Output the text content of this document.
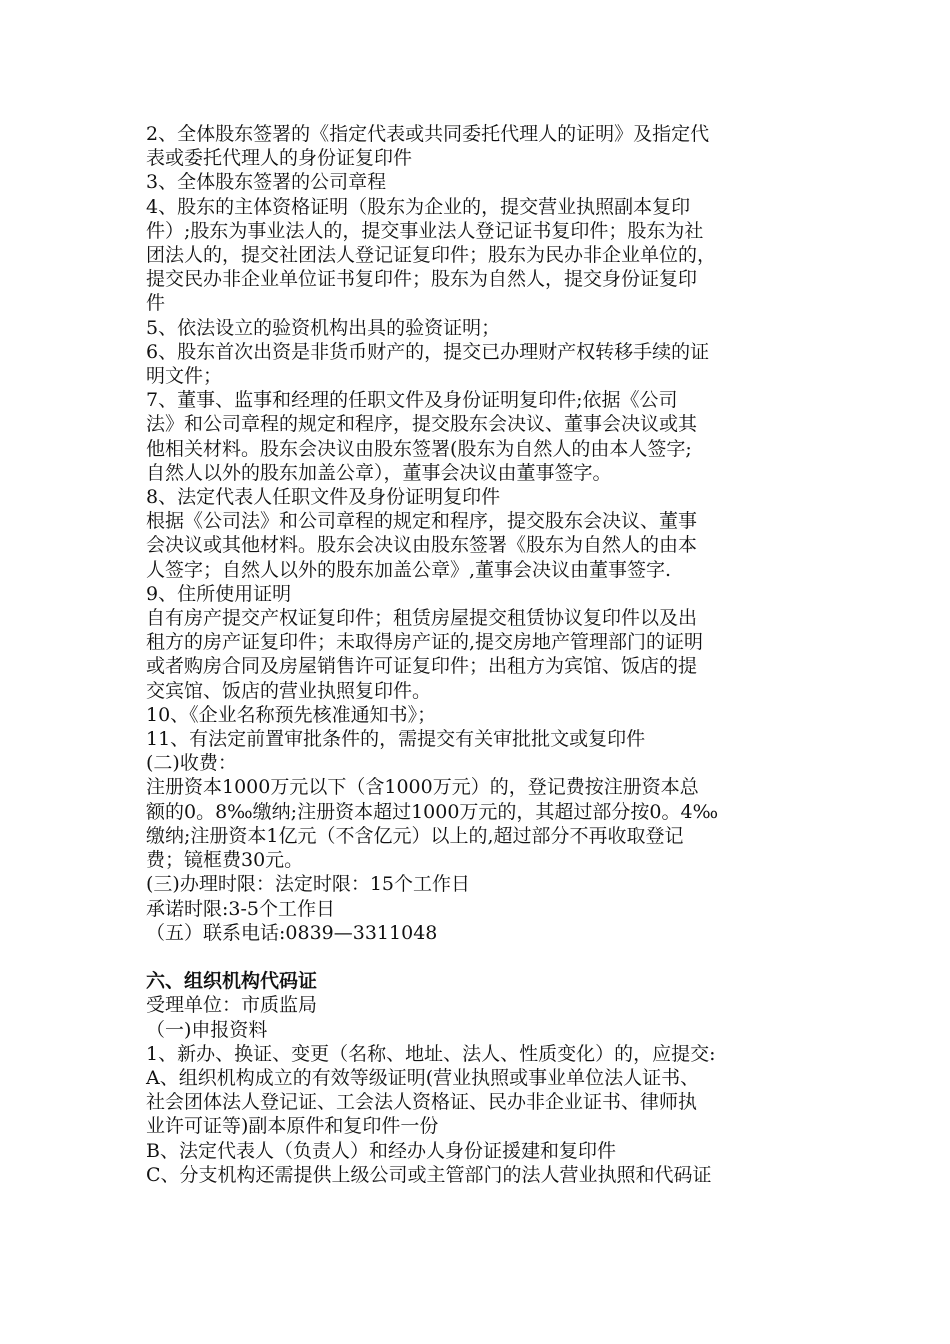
2、全体股东签署的《指定代表或共同委托代理人的证明》及指定代
表或委托代理人的身份证复印件
3、全体股东签署的公司章程
4、股东的主体资格证明（股东为企业的，提交营业执照副本复印
件）;股东为事业法人的，提交事业法人登记证书复印件；股东为社
团法人的，提交社团法人登记证复印件；股东为民办非企业单位的，
提交民办非企业单位证书复印件；股东为自然人，提交身份证复印
件
5、依法设立的验资机构出具的验资证明；
6、股东首次出资是非货币财产的，提交已办理财产权转移手续的证
明文件；
7、董事、监事和经理的任职文件及身份证明复印件;依据《公司
法》和公司章程的规定和程序，提交股东会决议、董事会决议或其
他相关材料。股东会决议由股东签署(股东为自然人的由本人签字;
自然人以外的股东加盖公章），董事会决议由董事签字。
8、法定代表人任职文件及身份证明复印件
根据《公司法》和公司章程的规定和程序，提交股东会决议、董事
会决议或其他材料。股东会决议由股东签署《股东为自然人的由本
人签字；自然人以外的股东加盖公章》,董事会决议由董事签字.
9、住所使用证明
自有房产提交产权证复印件；租赁房屋提交租赁协议复印件以及出
租方的房产证复印件；未取得房产证的,提交房地产管理部门的证明
或者购房合同及房屋销售许可证复印件；出租方为宾馆、饭店的提
交宾馆、饭店的营业执照复印件。
10、《企业名称预先核准通知书》；
11、有法定前置审批条件的，需提交有关审批批文或复印件
(二)收费：
注册资本1000万元以下（含1000万元）的，登记费按注册资本总
额的0。8‰缴纳;注册资本超过1000万元的，其超过部分按0。4‰
缴纳;注册资本1亿元（不含亿元）以上的,超过部分不再收取登记
费；镜框费30元。
(三)办理时限：法定时限：15个工作日
承诺时限:3-5个工作日
（五）联系电话:0839—3311048
六、组织机构代码证
受理单位：市质监局
（一)申报资料
1、新办、换证、变更（名称、地址、法人、性质变化）的，应提交:
A、组织机构成立的有效等级证明(营业执照或事业单位法人证书、
社会团体法人登记证、工会法人资格证、民办非企业证书、律师执
业许可证等)副本原件和复印件一份
B、法定代表人（负责人）和经办人身份证援建和复印件
C、分支机构还需提供上级公司或主管部门的法人营业执照和代码证
